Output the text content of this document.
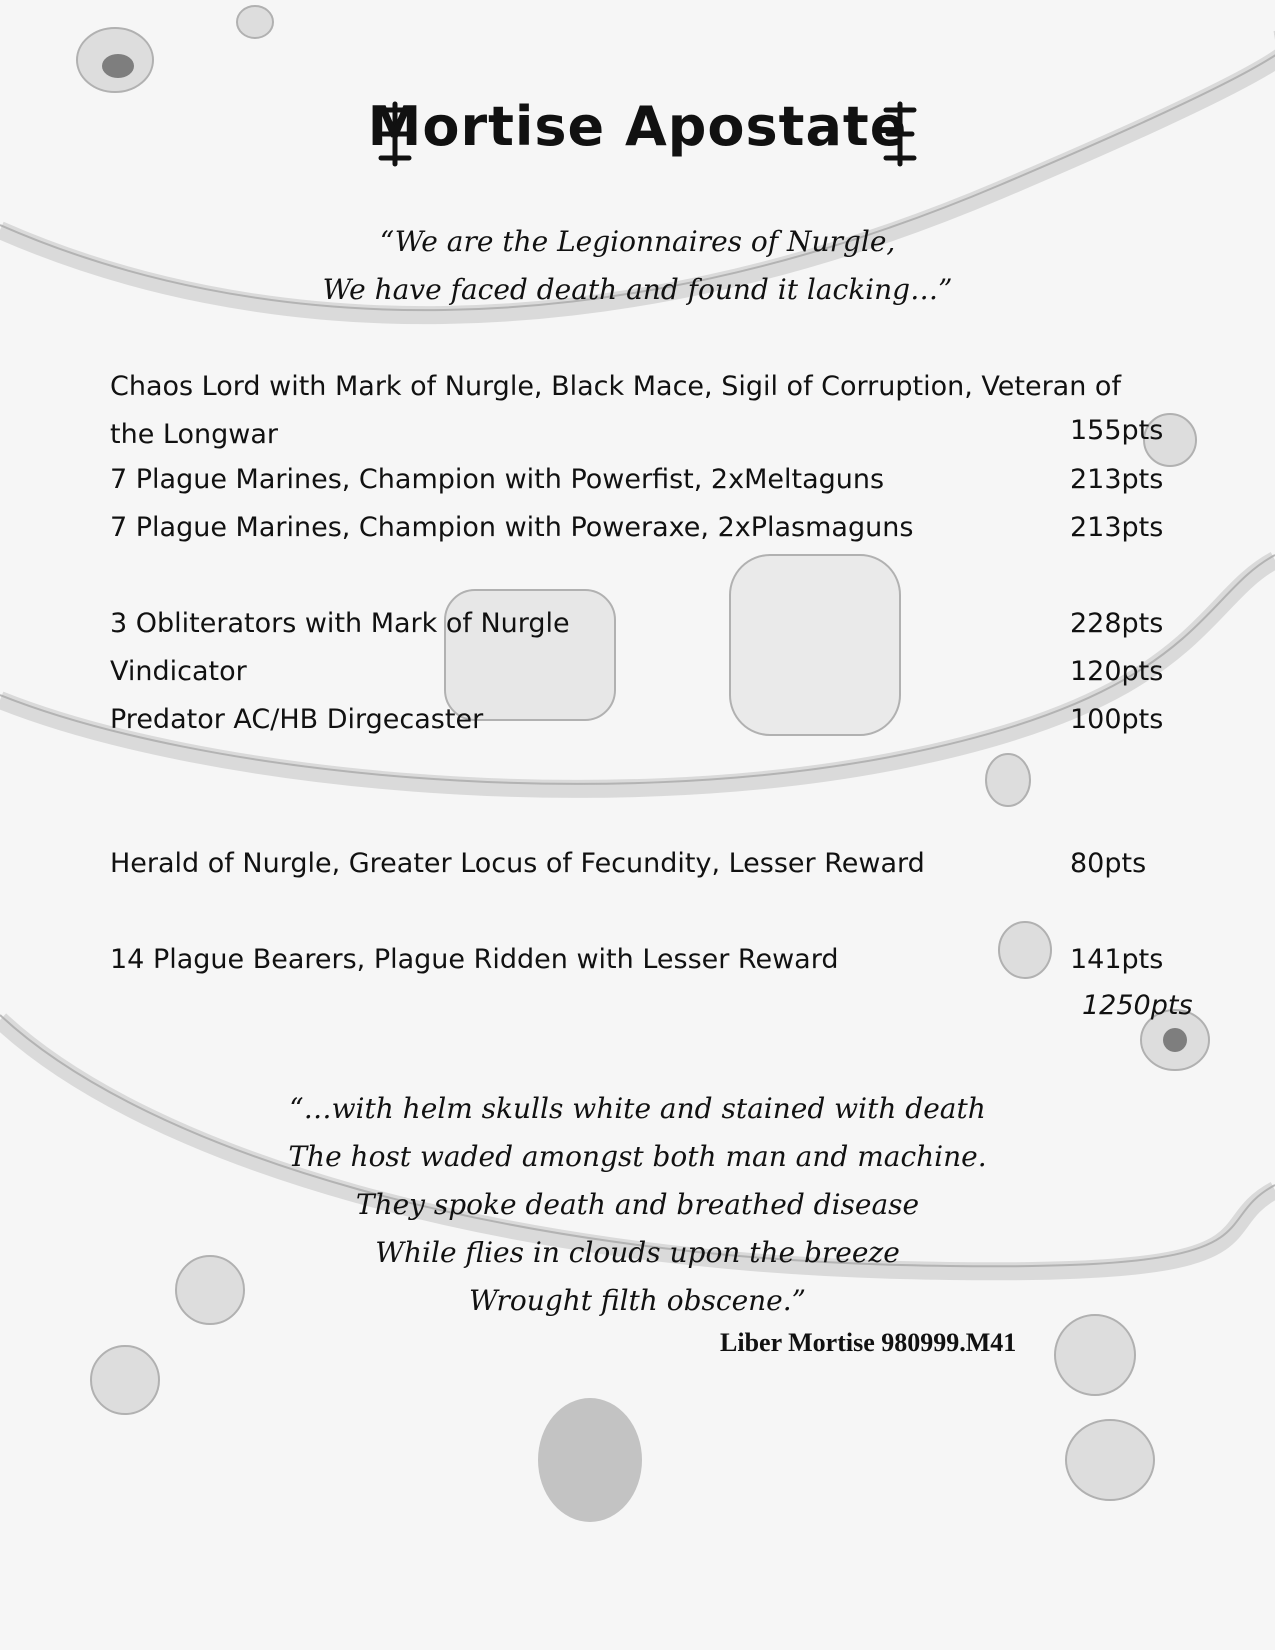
Mortise Apostate
“We are the Legionnaires of Nurgle,
We have faced death and found it lacking…”
Chaos Lord with Mark of Nurgle, Black Mace, Sigil of Corruption, Veteran of the Longwar	155pts
7 Plague Marines, Champion with Powerfist, 2xMeltaguns	213pts
7 Plague Marines, Champion with Poweraxe, 2xPlasmaguns	213pts
3 Obliterators with Mark of Nurgle	228pts
Vindicator	120pts
Predator AC/HB Dirgecaster	100pts
Herald of Nurgle, Greater Locus of Fecundity, Lesser Reward	80pts
14 Plague Bearers, Plague Ridden with Lesser Reward	141pts
1250pts
“…with helm skulls white and stained with death
The host waded amongst both man and machine.
They spoke death and breathed disease
While flies in clouds upon the breeze
Wrought filth obscene.”
Liber Mortise 980999.M41
